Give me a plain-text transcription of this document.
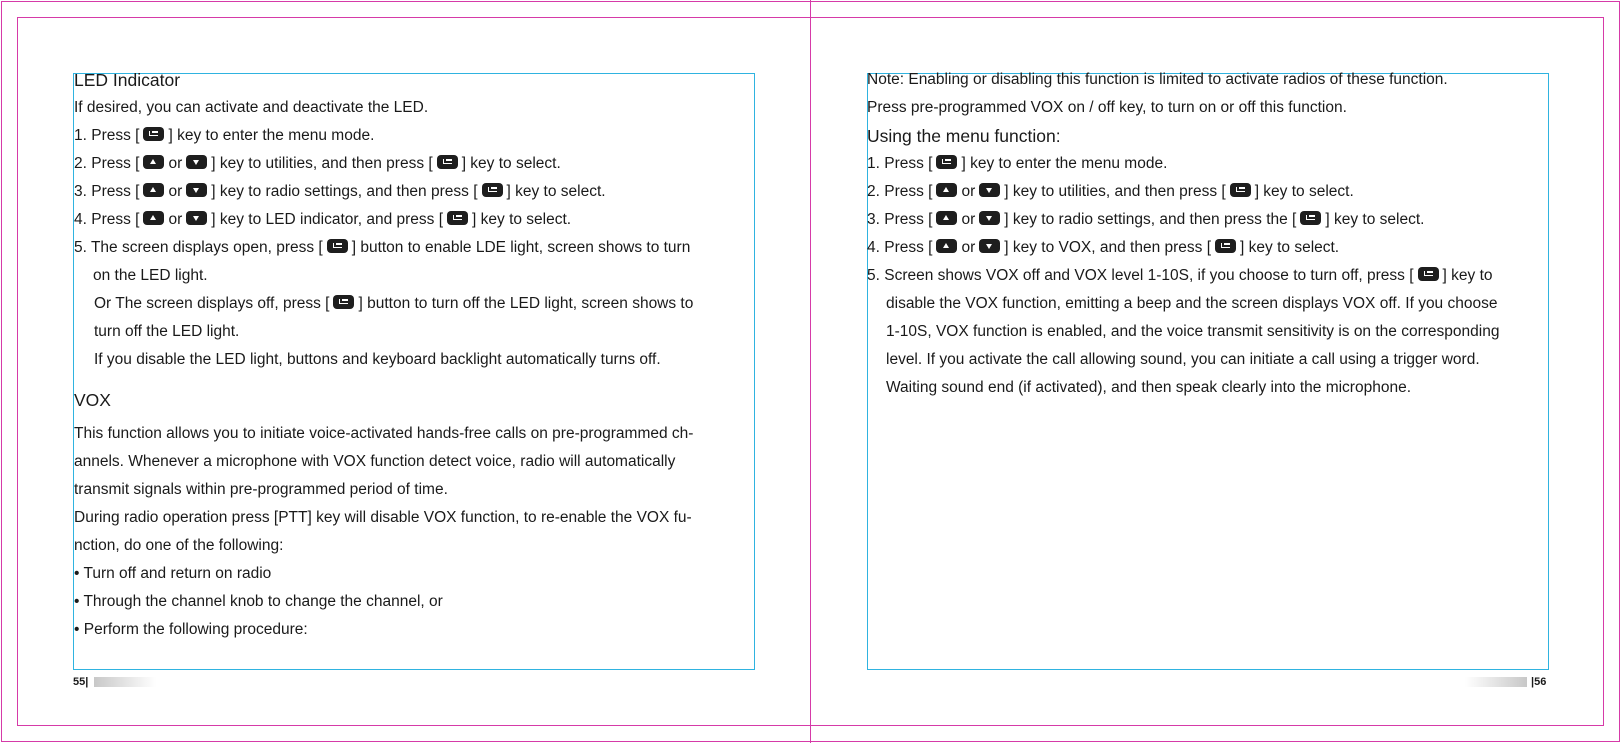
LED Indicator
If desired, you can activate and deactivate the LED.
1. Press [ ] key to enter the menu mode.
2. Press [ or ] key to utilities, and then press [ ] key to select.
3. Press [ or ] key to radio settings, and then press [ ] key to select.
4. Press [ or ] key to LED indicator, and press [ ] key to select.
5. The screen displays open, press [ ] button to enable LDE light, screen shows to turn
on the LED light.
Or The screen displays off, press [ ] button to turn off the LED light, screen shows to
turn off the LED light.
If you disable the LED light, buttons and keyboard backlight automatically turns off.
VOX
This function allows you to initiate voice-activated hands-free calls on pre-programmed ch-
annels. Whenever a microphone with VOX function detect voice, radio will automatically
transmit signals within pre-programmed period of time.
During radio operation press [PTT] key will disable VOX function, to re-enable the VOX fu-
nction, do one of the following:
• Turn off and return on radio
• Through the channel knob to change the channel, or
• Perform the following procedure:
Note: Enabling or disabling this function is limited to activate radios of these function.
Press pre-programmed VOX on / off key, to turn on or off this function.
Using the menu function:
1. Press [ ] key to enter the menu mode.
2. Press [ or ] key to utilities, and then press [ ] key to select.
3. Press [ or ] key to radio settings, and then press the [ ] key to select.
4. Press [ or ] key to VOX, and then press [ ] key to select.
5. Screen shows VOX off and VOX level 1-10S, if you choose to turn off, press [ ] key to
disable the VOX function, emitting a beep and the screen displays VOX off. If you choose
1-10S, VOX function is enabled, and the voice transmit sensitivity is on the corresponding
level. If you activate the call allowing sound, you can initiate a call using a trigger word.
Waiting sound end (if activated), and then speak clearly into the microphone.
55|	|56
